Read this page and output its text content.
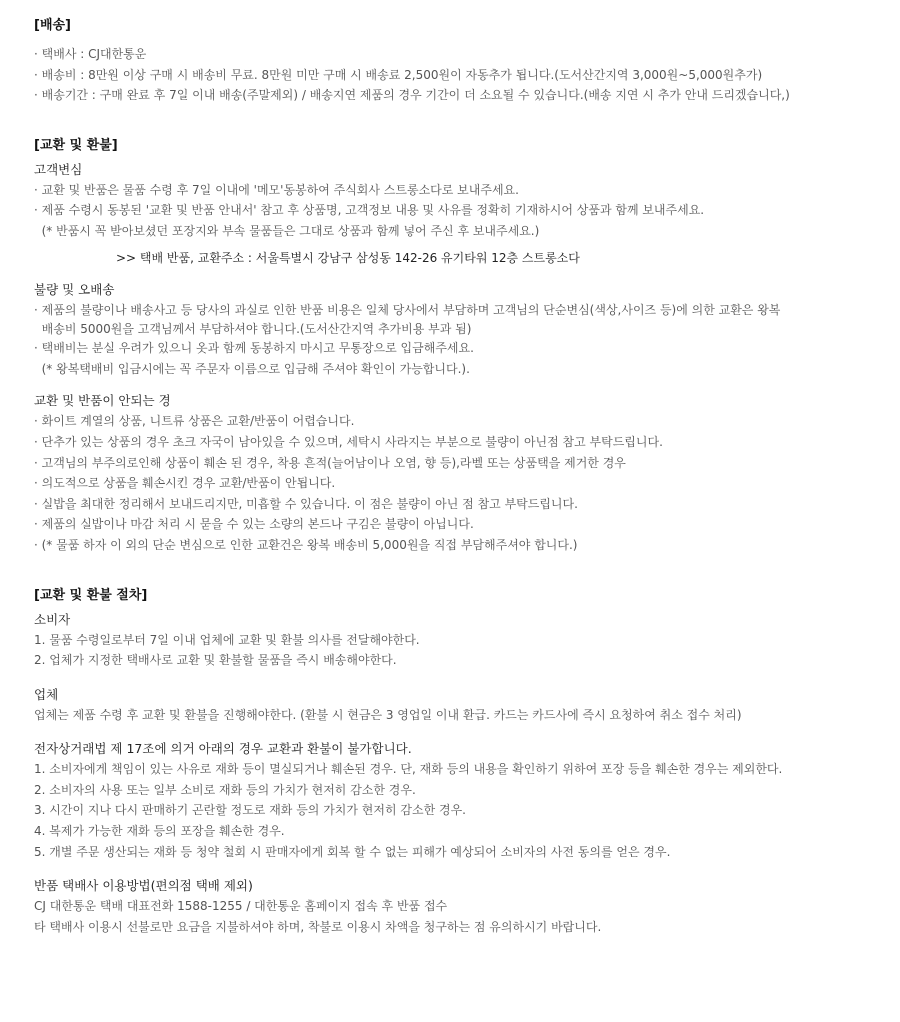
[배송]

· 택배사 : CJ대한통운

· 배송비 : 8만원 이상 구매 시 배송비 무료. 8만원 미만 구매 시 배송료 2,500원이 자동추가 됩니다.(도서산간지역 3,000원~5,000원추가)

· 배송기간 : 구매 완료 후 7일 이내 배송(주말제외) / 배송지연 제품의 경우 기간이 더 소요될 수 있습니다.(배송 지연 시 추가 안내 드리겠습니다,)

[교환 및 환불]

고객변심

· 교환 및 반품은 물품 수령 후 7일 이내에 '메모'동봉하여 주식회사 스트롱소다로 보내주세요.

· 제품 수령시 동봉된 '교환 및 반품 안내서' 참고 후 상품명, 고객정보 내용 및 사유를 정확히 기재하시어 상품과 함께 보내주세요.

(* 반품시 꼭 받아보셨던 포장지와 부속 물품들은 그대로 상품과 함께 넣어 주신 후 보내주세요.)

>> 택배 반품, 교환주소 : 서울특별시 강남구 삼성동 142-26 유기타워 12층 스트롱소다

불량 및 오배송

· 제품의 불량이나 배송사고 등 당사의 과실로 인한 반품 비용은 일체 당사에서 부담하며 고객님의 단순변심(색상,사이즈 등)에 의한 교환은 왕복

배송비 5000원을 고객님께서 부담하셔야 합니다.(도서산간지역 추가비용 부과 됨)

· 택배비는 분실 우려가 있으니 옷과 함께 동봉하지 마시고 무통장으로 입금해주세요.

(* 왕복택배비 입금시에는 꼭 주문자 이름으로 입금해 주셔야 확인이 가능합니다.).

교환 및 반품이 안되는 경

· 화이트 계열의 상품, 니트류 상품은 교환/반품이 어렵습니다.

· 단추가 있는 상품의 경우 초크 자국이 남아있을 수 있으며, 세탁시 사라지는 부분으로 불량이 아닌점 참고 부탁드립니다.

· 고객님의 부주의로인해 상품이 훼손 된 경우, 착용 흔적(늘어남이나 오염, 향 등),라벨 또는 상품택을 제거한 경우

· 의도적으로 상품을 훼손시킨 경우 교환/반품이 안됩니다.

· 실밥을 최대한 정리해서 보내드리지만, 미흡할 수 있습니다. 이 점은 불량이 아닌 점 참고 부탁드립니다.

· 제품의 실밥이나 마감 처리 시 묻을 수 있는 소량의 본드나 구김은 불량이 아닙니다.

· (* 물품 하자 이 외의 단순 변심으로 인한 교환건은 왕복 배송비 5,000원을 직접 부담해주셔야 합니다.)

[교환 및 환불 절차]

소비자

1. 물품 수령일로부터 7일 이내 업체에 교환 및 환불 의사를 전달해야한다.

2. 업체가 지정한 택배사로 교환 및 환불할 물품을 즉시 배송해야한다.

업체

업체는 제품 수령 후 교환 및 환불을 진행해야한다. (환불 시 현금은 3 영업일 이내 환급. 카드는 카드사에 즉시 요청하여 취소 접수 처리)

전자상거래법 제 17조에 의거 아래의 경우 교환과 환불이 불가합니다.

1. 소비자에게 책임이 있는 사유로 재화 등이 멸실되거나 훼손된 경우. 단, 재화 등의 내용을 확인하기 위하여 포장 등을 훼손한 경우는 제외한다.

2. 소비자의 사용 또는 일부 소비로 재화 등의 가치가 현저히 감소한 경우.

3. 시간이 지나 다시 판매하기 곤란할 정도로 재화 등의 가치가 현저히 감소한 경우.

4. 복제가 가능한 재화 등의 포장을 훼손한 경우.

5. 개별 주문 생산되는 재화 등 청약 철회 시 판매자에게 회복 할 수 없는 피해가 예상되어 소비자의 사전 동의를 얻은 경우.

반품 택배사 이용방법(편의점 택배 제외)

CJ 대한통운 택배 대표전화 1588-1255 / 대한통운 홈페이지 접속 후 반품 접수

타 택배사 이용시 선불로만 요금을 지불하셔야 하며, 착불로 이용시 차액을 청구하는 점 유의하시기 바랍니다.
